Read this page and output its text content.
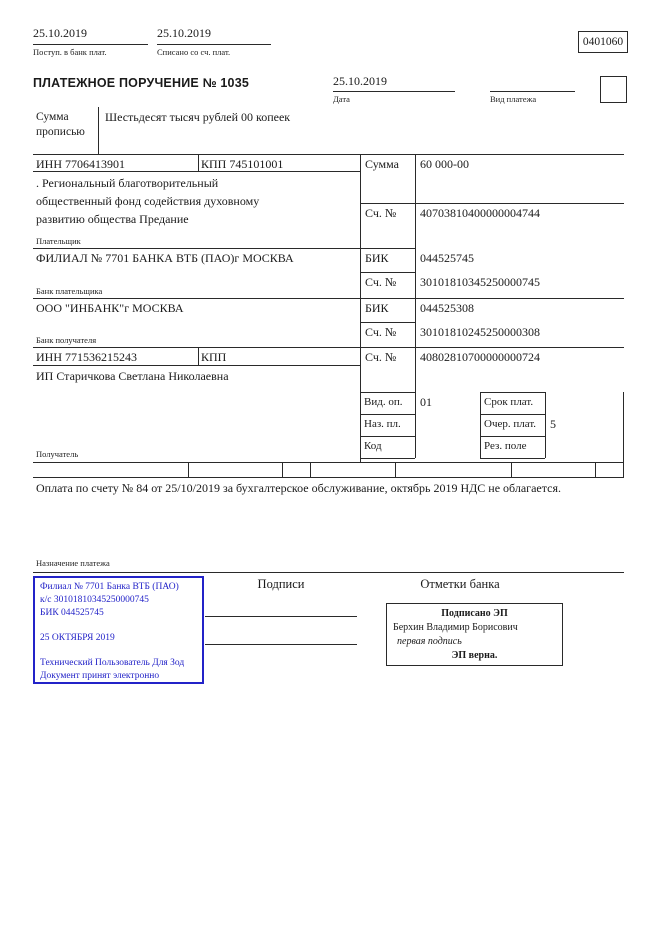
25.10.2019
Поступ. в банк плат.
25.10.2019
Списано со сч. плат.
0401060
ПЛАТЕЖНОЕ ПОРУЧЕНИЕ № 1035	25.10.2019
Дата	Вид платежа
Сумма прописью
Шестьдесят тысяч рублей 00 копеек
ИНН 7706413901	КПП 745101001	Сумма 60 000-00
. Региональный благотворительный
общественный фонд содействия духовному
развитию общества Предание	Сч. № 40703810400000004744
Плательщик
ФИЛИАЛ № 7701 БАНКА ВТБ (ПАО)г МОСКВА	БИК	044525745
Сч. № 30101810345250000745
Банк плательщика
ООО "ИНБАНК"г МОСКВА	БИК	044525308
Сч. № 30101810245250000308
Банк получателя
ИНН 771536215243	КПП	Сч. № 40802810700000000724
ИП Старичкова Светлана Николаевна
Вид. оп. 01
Наз. пл.
Код
Срок плат.
Очер. плат. 5
Рез. поле
Получатель
Оплата по счету № 84 от 25/10/2019 за бухгалтерское обслуживание, октябрь 2019 НДС не облагается.
Назначение платежа
Филиал № 7701 Банка ВТБ (ПАО)
к/с 30101810345250000745
БИК 044525745
25 ОКТЯБРЯ 2019
Технический Пользователь Для Зод
Документ принят электронно
Подписи	Отметки банка
Подписано ЭП
Берхин Владимир Борисович
первая подпись
ЭП верна.
